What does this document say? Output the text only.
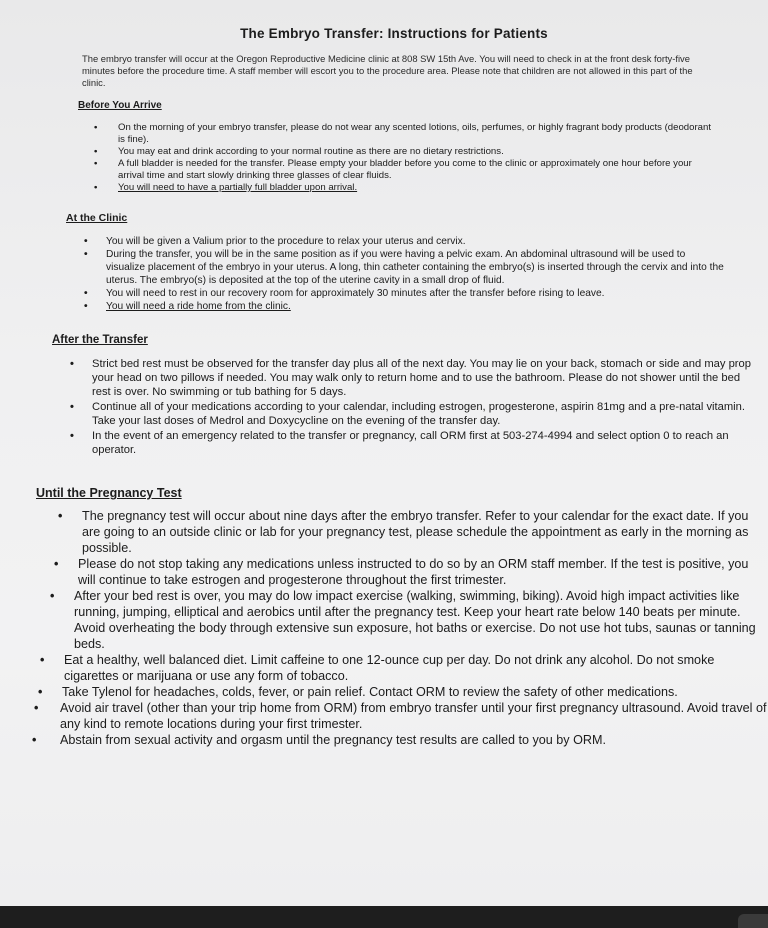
The Embryo Transfer: Instructions for Patients
The embryo transfer will occur at the Oregon Reproductive Medicine clinic at 808 SW 15th Ave. You will need to check in at the front desk forty-five minutes before the procedure time. A staff member will escort you to the procedure area. Please note that children are not allowed in this part of the clinic.
Before You Arrive
• On the morning of your embryo transfer, please do not wear any scented lotions, oils, perfumes, or highly fragrant body products (deodorant is fine).
• You may eat and drink according to your normal routine as there are no dietary restrictions.
• A full bladder is needed for the transfer. Please empty your bladder before you come to the clinic or approximately one hour before your arrival time and start slowly drinking three glasses of clear fluids.
• You will need to have a partially full bladder upon arrival.
At the Clinic
• You will be given a Valium prior to the procedure to relax your uterus and cervix.
• During the transfer, you will be in the same position as if you were having a pelvic exam. An abdominal ultrasound will be used to visualize placement of the embryo in your uterus. A long, thin catheter containing the embryo(s) is inserted through the cervix and into the uterus. The embryo(s) is deposited at the top of the uterine cavity in a small drop of fluid.
• You will need to rest in our recovery room for approximately 30 minutes after the transfer before rising to leave.
• You will need a ride home from the clinic.
After the Transfer
• Strict bed rest must be observed for the transfer day plus all of the next day. You may lie on your back, stomach or side and may prop your head on two pillows if needed. You may walk only to return home and to use the bathroom. Please do not shower until the bed rest is over. No swimming or tub bathing for 5 days.
• Continue all of your medications according to your calendar, including estrogen, progesterone, aspirin 81mg and a pre-natal vitamin. Take your last doses of Medrol and Doxycycline on the evening of the transfer day.
• In the event of an emergency related to the transfer or pregnancy, call ORM first at 503-274-4994 and select option 0 to reach an operator.
Until the Pregnancy Test
• The pregnancy test will occur about nine days after the embryo transfer. Refer to your calendar for the exact date. If you are going to an outside clinic or lab for your pregnancy test, please schedule the appointment as early in the morning as possible.
• Please do not stop taking any medications unless instructed to do so by an ORM staff member. If the test is positive, you will continue to take estrogen and progesterone throughout the first trimester.
• After your bed rest is over, you may do low impact exercise (walking, swimming, biking). Avoid high impact activities like running, jumping, elliptical and aerobics until after the pregnancy test. Keep your heart rate below 140 beats per minute. Avoid overheating the body through extensive sun exposure, hot baths or exercise. Do not use hot tubs, saunas or tanning beds.
• Eat a healthy, well balanced diet. Limit caffeine to one 12-ounce cup per day. Do not drink any alcohol. Do not smoke cigarettes or marijuana or use any form of tobacco.
• Take Tylenol for headaches, colds, fever, or pain relief. Contact ORM to review the safety of other medications.
• Avoid air travel (other than your trip home from ORM) from embryo transfer until your first pregnancy ultrasound. Avoid travel of any kind to remote locations during your first trimester.
• Abstain from sexual activity and orgasm until the pregnancy test results are called to you by ORM.
